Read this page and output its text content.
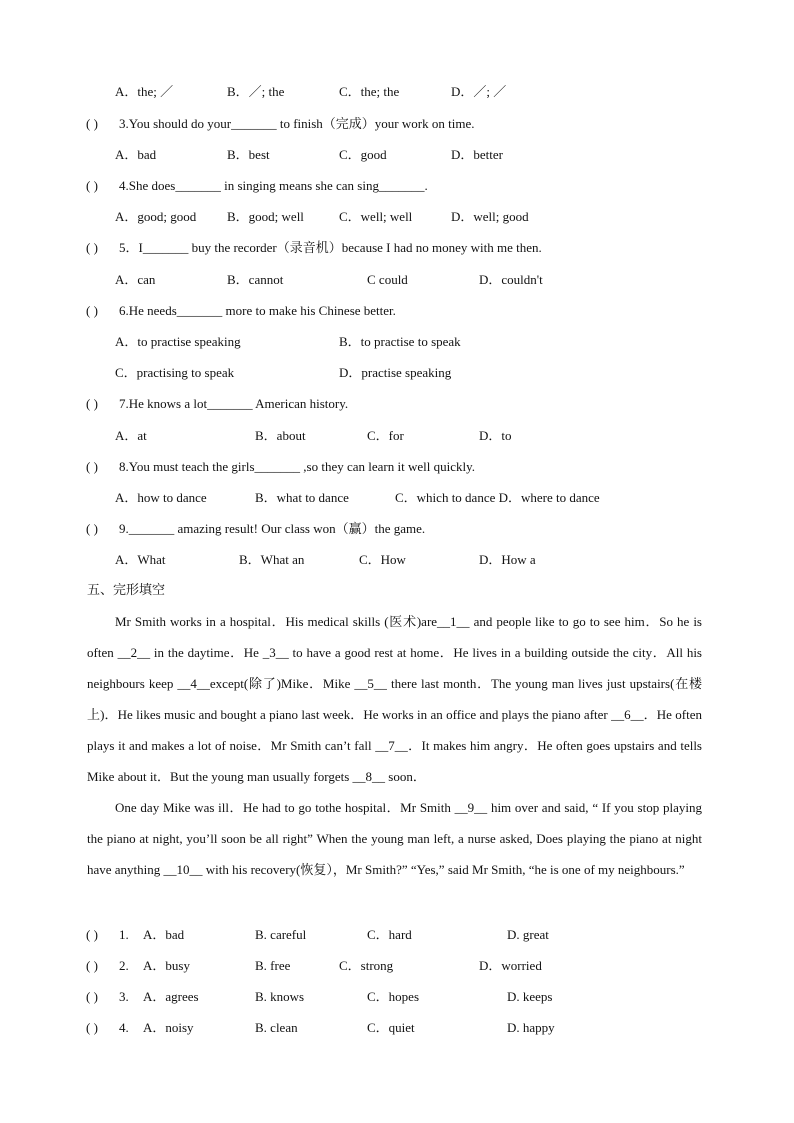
A．the; ／	B．／; the	C．the; the	D．／; ／
( ) 3.You should do your_______ to finish（完成）your work on time.
A．bad	B．best	C．good	D．better
( ) 4.She does_______ in singing means she can sing_______.
A．good; good B．good; well	C．well; well	D．well; good
( ) 5．I_______ buy the recorder（录音机）because I had no money with me then.
A．can	B．cannot	C could	D．couldn't
( ) 6.He needs_______ more to make his Chinese better.
A．to practise speaking	B．to practise to speak
C．practising to speak	D．practise speaking
( ) 7.He knows a lot_______ American history.
A．at	B．about	C．for	D．to
( ) 8.You must teach the girls_______ ,so they can learn it well quickly.
A．how to dance	B．what to dance	C．which to dance D．where to dance
( ) 9._______ amazing result! Our class won（赢）the game.
A．What	B．What an	C．How	D．How a
五、完形填空
Mr Smith works in a hospital．His medical skills (医术)are__1__ and people like to go to see him．So he is often __2__ in the daytime．He _3__ to have a good rest at home．He lives in a building outside the city．All his neighbours keep __4__except(除了)Mike．Mike __5__ there last month．The young man lives just upstairs(在楼上)．He likes music and bought a piano last week．He works in an office and plays the piano after __6__．He often plays it and makes a lot of noise．Mr Smith can’t fall __7__．It makes him angry．He often goes upstairs and tells Mike about it．But the young man usually forgets __8__ soon．
One day Mike was ill．He had to go tothe hospital．Mr Smith __9__ him over and said, “ If you stop playing the piano at night, you’ll soon be all right” When the young man left, a nurse asked, Does playing the piano at night have anything __10__ with his recovery(恢复），Mr Smith?” “Yes,” said Mr Smith, “he is one of my neighbours.”
( ) 1. A．bad	B. careful	C．hard	D. great
( ) 2. A．busy	B. free	C．strong	D．worried
( ) 3. A．agrees	B. knows	C．hopes	D. keeps
( ) 4. A．noisy	B. clean	C．quiet	D. happy
